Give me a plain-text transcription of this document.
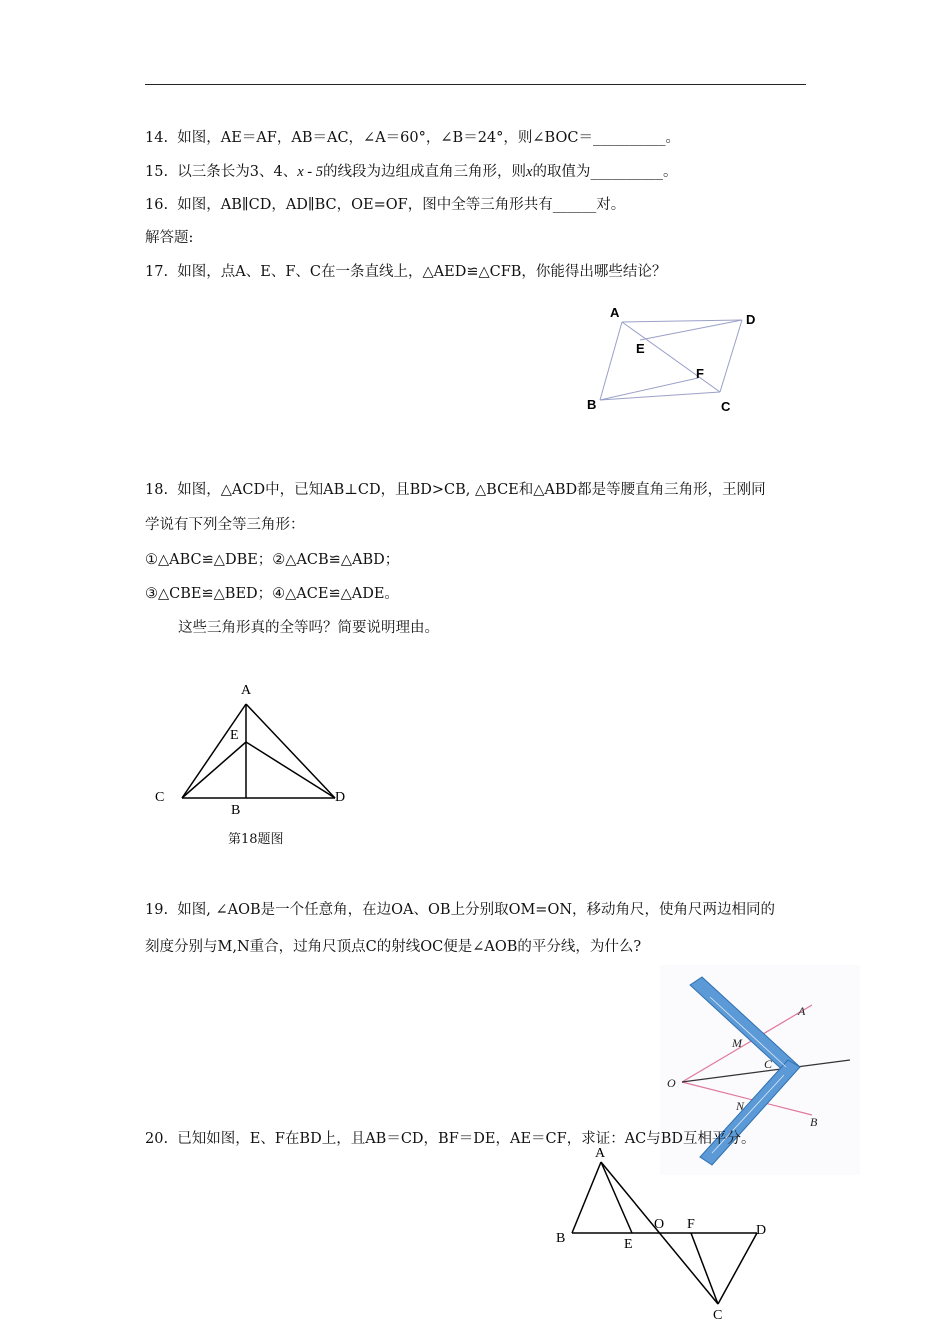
14. 如图，AE＝AF，AB＝AC，∠A＝60°，∠B＝24°，则∠BOC＝__________。
15. 以三条长为3、4、x - 5的线段为边组成直角三角形，则x的取值为__________。
16. 如图，AB∥CD，AD∥BC，OE=OF，图中全等三角形共有______对。
解答题:
17. 如图，点A、E、F、C在一条直线上，△AED≌△CFB，你能得出哪些结论？
A	D
E
F
B	C
18. 如图，△ACD中，已知AB⊥CD，且BD>CB, △BCE和△ABD都是等腰直角三角形，王刚同
学说有下列全等三角形：
①△ABC≌△DBE；②△ACB≌△ABD；
③△CBE≌△BED；④△ACE≌△ADE。
这些三角形真的全等吗？简要说明理由。
A
E
C
B
D
第18题图
19. 如图, ∠AOB是一个任意角，在边OA、OB上分别取OM=ON，移动角尺，使角尺两边相同的
刻度分别与M,N重合，过角尺顶点C的射线OC便是∠AOB的平分线，为什么?
A
M
C
O
N
B
20. 已知如图，E、F在BD上，且AB＝CD，BF＝DE，AE＝CF，求证：AC与BD互相平分。
A
B	E
O F	D
C
